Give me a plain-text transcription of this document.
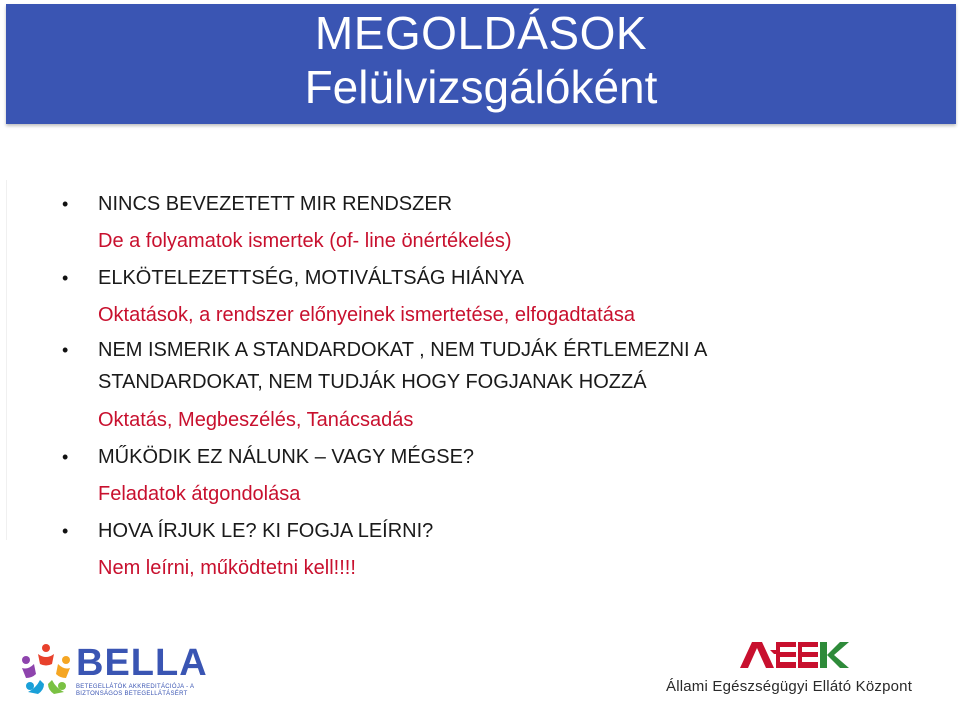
MEGOLDÁSOK
Felülvizsgálóként
•	NINCS BEVEZETETT MIR RENDSZER
De a folyamatok ismertek (of- line önértékelés)
•	ELKÖTELEZETTSÉG, MOTIVÁLTSÁG HIÁNYA
Oktatások, a rendszer előnyeinek ismertetése, elfogadtatása
•	NEM ISMERIK A STANDARDOKAT , NEM TUDJÁK ÉRTLEMEZNI A STANDARDOKAT, NEM TUDJÁK HOGY FOGJANAK HOZZÁ
Oktatás, Megbeszélés, Tanácsadás
•	MŰKÖDIK EZ NÁLUNK – VAGY MÉGSE?
Feladatok átgondolása
•	HOVA ÍRJUK LE? KI FOGJA LEÍRNI?
Nem leírni, működtetni kell!!!!
BELLA
BETEGELLÁTÓK AKKREDITÁCIÓJA - A BIZTONSÁGOS BETEGELLÁTÁSÉRT	Állami Egészségügyi Ellátó Központ
